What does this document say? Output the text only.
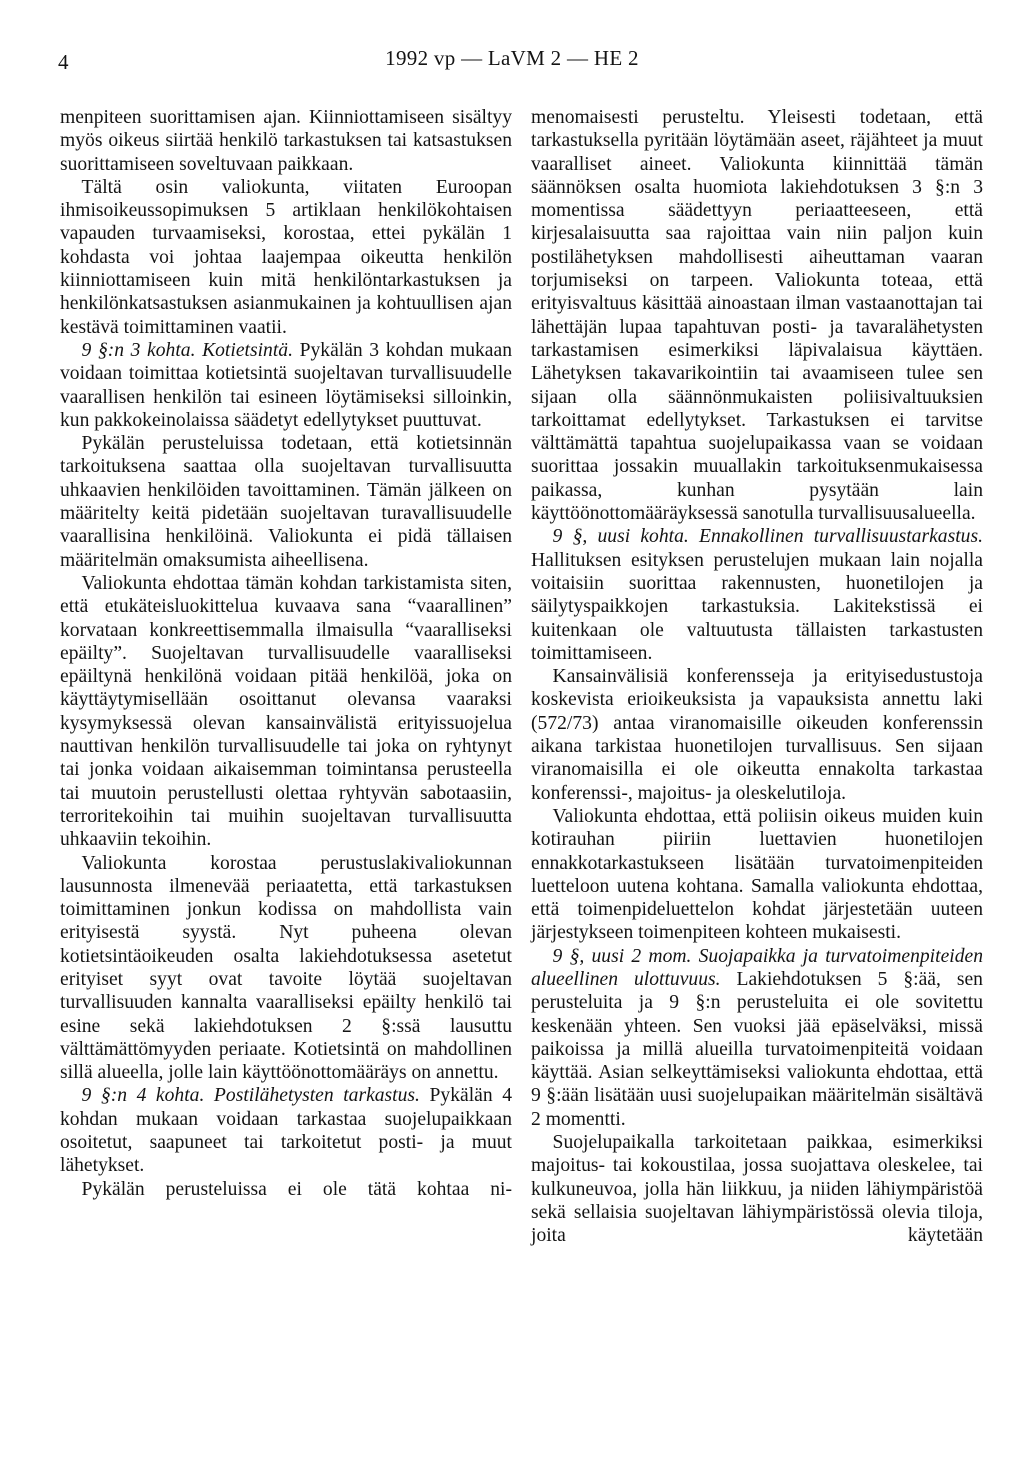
4	1992 vp — LaVM 2 — HE 2

menpiteen suorittamisen ajan. Kiinniottamiseen sisältyy myös oikeus siirtää henkilö tarkastuksen tai katsastuksen suorittamiseen soveltuvaan paikkaan.

Tältä osin valiokunta, viitaten Euroopan ihmisoikeussopimuksen 5 artiklaan henkilökohtaisen vapauden turvaamiseksi, korostaa, ettei pykälän 1 kohdasta voi johtaa laajempaa oikeutta henkilön kiinniottamiseen kuin mitä henkilöntarkastuksen ja henkilönkatsastuksen asianmukainen ja kohtuullisen ajan kestävä toimittaminen vaatii.

9 §:n 3 kohta. Kotietsintä. Pykälän 3 kohdan mukaan voidaan toimittaa kotietsintä suojeltavan turvallisuudelle vaarallisen henkilön tai esineen löytämiseksi silloinkin, kun pakkokeinolaissa säädetyt edellytykset puuttuvat.

Pykälän perusteluissa todetaan, että kotietsinnän tarkoituksena saattaa olla suojeltavan turvallisuutta uhkaavien henkilöiden tavoittaminen. Tämän jälkeen on määritelty keitä pidetään suojeltavan turavallisuudelle vaarallisina henkilöinä. Valiokunta ei pidä tällaisen määritelmän omaksumista aiheellisena.

Valiokunta ehdottaa tämän kohdan tarkistamista siten, että etukäteisluokittelua kuvaava sana “vaarallinen” korvataan konkreettisemmalla ilmaisulla “vaaralliseksi epäilty”. Suojeltavan turvallisuudelle vaaralliseksi epäiltynä henkilönä voidaan pitää henkilöä, joka on käyttäytymisellään osoittanut olevansa vaaraksi kysymyksessä olevan kansainvälistä erityissuojelua nauttivan henkilön turvallisuudelle tai joka on ryhtynyt tai jonka voidaan aikaisemman toimintansa perusteella tai muutoin perustellusti olettaa ryhtyvän sabotaasiin, terroritekoihin tai muihin suojeltavan turvallisuutta uhkaaviin tekoihin.

Valiokunta korostaa perustuslakivaliokunnan lausunnosta ilmenevää periaatetta, että tarkastuksen toimittaminen jonkun kodissa on mahdollista vain erityisestä syystä. Nyt puheena olevan kotietsintäoikeuden osalta lakiehdotuksessa asetetut erityiset syyt ovat tavoite löytää suojeltavan turvallisuuden kannalta vaaralliseksi epäilty henkilö tai esine sekä lakiehdotuksen 2 §:ssä lausuttu välttämättömyyden periaate. Kotietsintä on mahdollinen sillä alueella, jolle lain käyttöönottomääräys on annettu.

9 §:n 4 kohta. Postilähetysten tarkastus. Pykälän 4 kohdan mukaan voidaan tarkastaa suojelupaikkaan osoitetut, saapuneet tai tarkoitetut posti- ja muut lähetykset.

Pykälän perusteluissa ei ole tätä kohtaa ni-

menomaisesti perusteltu. Yleisesti todetaan, että tarkastuksella pyritään löytämään aseet, räjähteet ja muut vaaralliset aineet. Valiokunta kiinnittää tämän säännöksen osalta huomiota lakiehdotuksen 3 §:n 3 momentissa säädettyyn periaatteeseen, että kirjesalaisuutta saa rajoittaa vain niin paljon kuin postilähetyksen mahdollisesti aiheuttaman vaaran torjumiseksi on tarpeen. Valiokunta toteaa, että erityisvaltuus käsittää ainoastaan ilman vastaanottajan tai lähettäjän lupaa tapahtuvan posti- ja tavaralähetysten tarkastamisen esimerkiksi läpivalaisua käyttäen. Lähetyksen takavarikointiin tai avaamiseen tulee sen sijaan olla säännönmukaisten poliisivaltuuksien tarkoittamat edellytykset. Tarkastuksen ei tarvitse välttämättä tapahtua suojelupaikassa vaan se voidaan suorittaa jossakin muuallakin tarkoituksenmukaisessa paikassa, kunhan pysytään lain käyttöönottomääräyksessä sanotulla turvallisuusalueella.

9 §, uusi kohta. Ennakollinen turvallisuustarkastus. Hallituksen esityksen perustelujen mukaan lain nojalla voitaisiin suorittaa rakennusten, huonetilojen ja säilytyspaikkojen tarkastuksia. Lakitekstissä ei kuitenkaan ole valtuutusta tällaisten tarkastusten toimittamiseen.

Kansainvälisiä konferensseja ja erityisedustustoja koskevista erioikeuksista ja vapauksista annettu laki (572/73) antaa viranomaisille oikeuden konferenssin aikana tarkistaa huonetilojen turvallisuus. Sen sijaan viranomaisilla ei ole oikeutta ennakolta tarkastaa konferenssi-, majoitus- ja oleskelutiloja.

Valiokunta ehdottaa, että poliisin oikeus muiden kuin kotirauhan piiriin luettavien huonetilojen ennakkotarkastukseen lisätään turvatoimenpiteiden luetteloon uutena kohtana. Samalla valiokunta ehdottaa, että toimenpideluettelon kohdat järjestetään uuteen järjestykseen toimenpiteen kohteen mukaisesti.

9 §, uusi 2 mom. Suojapaikka ja turvatoimenpiteiden alueellinen ulottuvuus. Lakiehdotuksen 5 §:ää, sen perusteluita ja 9 §:n perusteluita ei ole sovitettu keskenään yhteen. Sen vuoksi jää epäselväksi, missä paikoissa ja millä alueilla turvatoimenpiteitä voidaan käyttää. Asian selkeyttämiseksi valiokunta ehdottaa, että 9 §:ään lisätään uusi suojelupaikan määritelmän sisältävä 2 momentti.

Suojelupaikalla tarkoitetaan paikkaa, esimerkiksi majoitus- tai kokoustilaa, jossa suojattava oleskelee, tai kulkuneuvoa, jolla hän liikkuu, ja niiden lähiympäristöä sekä sellaisia suojeltavan lähiympäristössä olevia tiloja, joita käytetään
